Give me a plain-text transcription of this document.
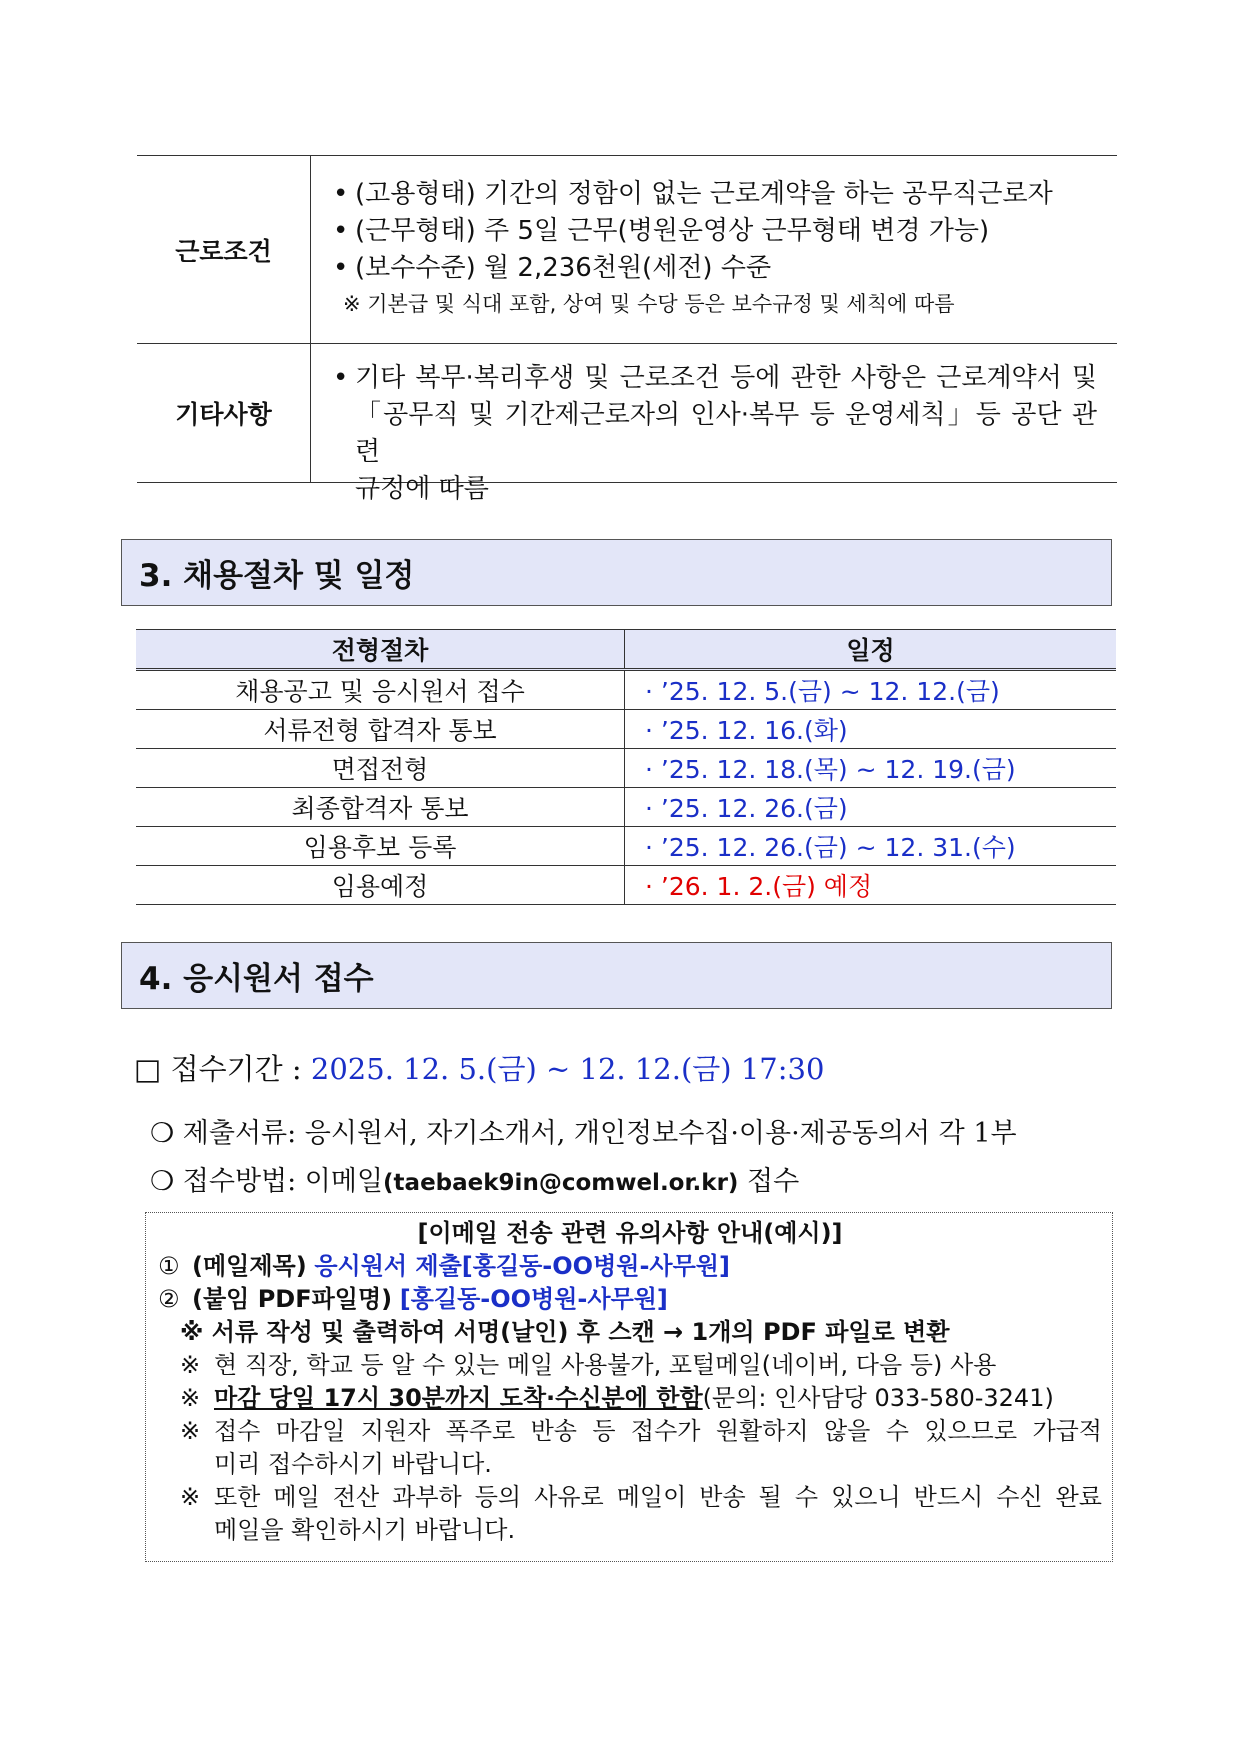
근로조건
• (고용형태) 기간의 정함이 없는 근로계약을 하는 공무직근로자
• (근무형태) 주 5일 근무(병원운영상 근무형태 변경 가능)
• (보수수준) 월 2,236천원(세전) 수준
※ 기본급 및 식대 포함, 상여 및 수당 등은 보수규정 및 세칙에 따름
기타사항
• 기타 복무·복리후생 및 근로조건 등에 관한 사항은 근로계약서 및
「공무직 및 기간제근로자의 인사·복무 등 운영세칙」등 공단 관련
규정에 따름
3. 채용절차 및 일정
전형절차	일정
채용공고 및 응시원서 접수	· ’25. 12. 5.(금) ~ 12. 12.(금)
서류전형 합격자 통보	· ’25. 12. 16.(화)
면접전형	· ’25. 12. 18.(목) ~ 12. 19.(금)
최종합격자 통보	· ’25. 12. 26.(금)
임용후보 등록	· ’25. 12. 26.(금) ~ 12. 31.(수)
임용예정	· ’26. 1. 2.(금) 예정
4. 응시원서 접수
□ 접수기간 : 2025. 12. 5.(금) ~ 12. 12.(금) 17:30
❍ 제출서류: 응시원서, 자기소개서, 개인정보수집·이용·제공동의서 각 1부
❍ 접수방법: 이메일(taebaek9in@comwel.or.kr) 접수
[이메일 전송 관련 유의사항 안내(예시)]
① (메일제목) 응시원서 제출[홍길동-OO병원-사무원]
② (붙임 PDF파일명) [홍길동-OO병원-사무원]
※ 서류 작성 및 출력하여 서명(날인) 후 스캔 → 1개의 PDF 파일로 변환
※ 현 직장, 학교 등 알 수 있는 메일 사용불가, 포털메일(네이버, 다음 등) 사용
※ 마감 당일 17시 30분까지 도착·수신분에 한함(문의: 인사담당 033-580-3241)
※ 접수 마감일 지원자 폭주로 반송 등 접수가 원활하지 않을 수 있으므로 가급적
미리 접수하시기 바랍니다.
※ 또한 메일 전산 과부하 등의 사유로 메일이 반송 될 수 있으니 반드시 수신 완료
메일을 확인하시기 바랍니다.
